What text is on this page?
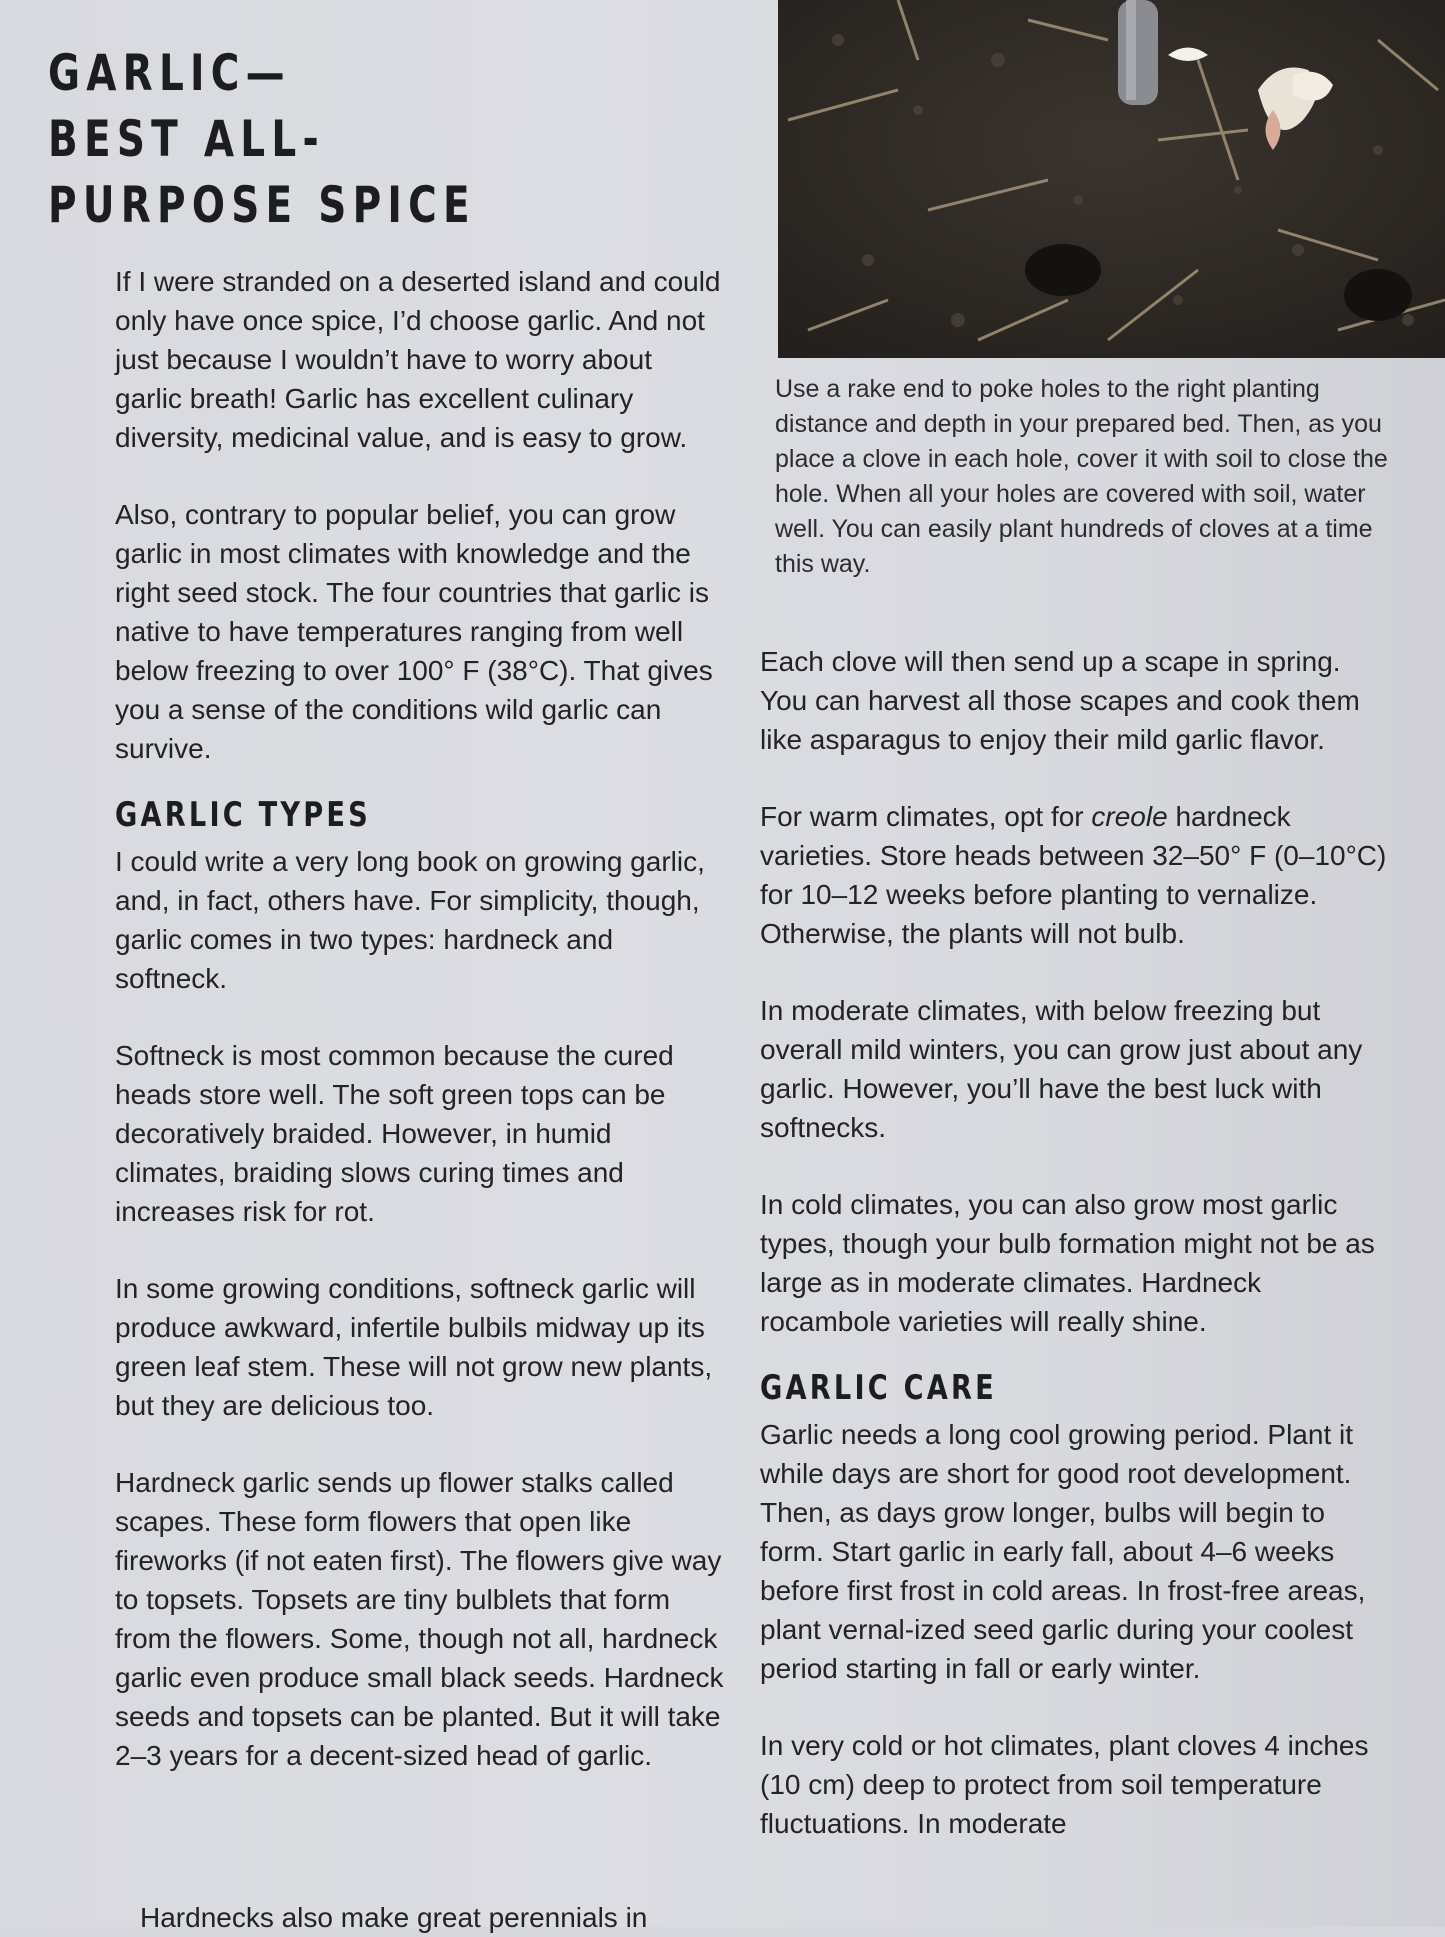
GARLIC—
BEST ALL-
PURPOSE SPICE

If I were stranded on a deserted island and could only have once spice, I’d choose garlic. And not just because I wouldn’t have to worry about garlic breath! Garlic has excellent culinary diversity, medicinal value, and is easy to grow.

Also, contrary to popular belief, you can grow garlic in most climates with knowledge and the right seed stock. The four countries that garlic is native to have temperatures ranging from well below freezing to over 100° F (38°C). That gives you a sense of the conditions wild garlic can survive.

GARLIC TYPES

I could write a very long book on growing garlic, and, in fact, others have. For simplicity, though, garlic comes in two types: hardneck and softneck.

Softneck is most common because the cured heads store well. The soft green tops can be decoratively braided. However, in humid climates, braiding slows curing times and increases risk for rot.

In some growing conditions, softneck garlic will produce awkward, infertile bulbils midway up its green leaf stem. These will not grow new plants, but they are delicious too.

Hardneck garlic sends up flower stalks called scapes. These form flowers that open like fireworks (if not eaten first). The flowers give way to topsets. Topsets are tiny bulblets that form from the flowers. Some, though not all, hardneck garlic even produce small black seeds. Hardneck seeds and topsets can be planted. But it will take 2–3 years for a decent-sized head of garlic.

Hardnecks also make great perennials in

Use a rake end to poke holes to the right planting distance and depth in your prepared bed. Then, as you place a clove in each hole, cover it with soil to close the hole. When all your holes are covered with soil, water well. You can easily plant hundreds of cloves at a time this way.

Each clove will then send up a scape in spring. You can harvest all those scapes and cook them like asparagus to enjoy their mild garlic flavor.

For warm climates, opt for creole hardneck varieties. Store heads between 32–50° F (0–10°C) for 10–12 weeks before planting to vernalize. Otherwise, the plants will not bulb.

In moderate climates, with below freezing but overall mild winters, you can grow just about any garlic. However, you’ll have the best luck with softnecks.

In cold climates, you can also grow most garlic types, though your bulb formation might not be as large as in moderate climates. Hardneck rocambole varieties will really shine.

GARLIC CARE

Garlic needs a long cool growing period. Plant it while days are short for good root development. Then, as days grow longer, bulbs will begin to form. Start garlic in early fall, about 4–6 weeks before first frost in cold areas. In frost-free areas, plant vernal-ized seed garlic during your coolest period starting in fall or early winter.

In very cold or hot climates, plant cloves 4 inches (10 cm) deep to protect from soil temperature fluctuations. In moderate
